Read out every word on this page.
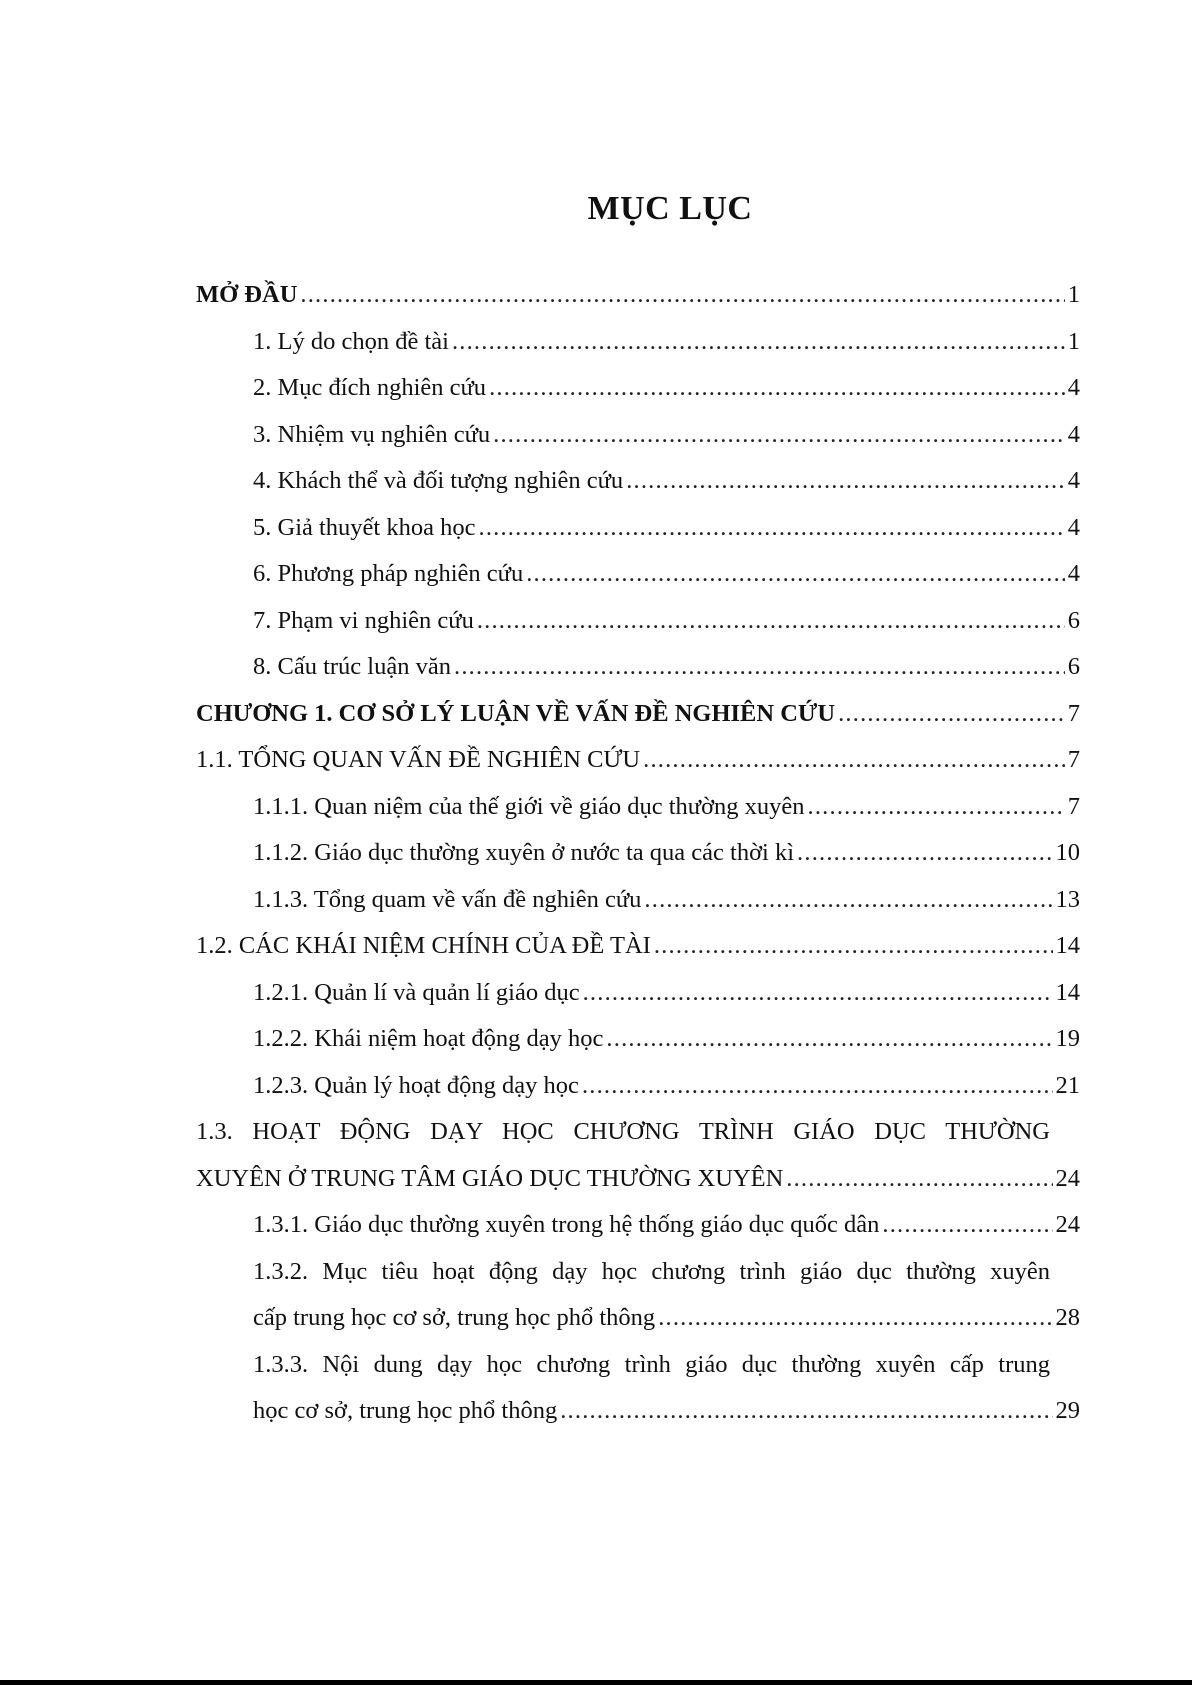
MỤC LỤC
MỞ ĐẦU .....	1
1. Lý do chọn đề tài .....	1
2. Mục đích nghiên cứu .....	4
3. Nhiệm vụ nghiên cứu .....	4
4. Khách thể và đối tượng nghiên cứu .....	4
5. Giả thuyết khoa học .....	4
6. Phương pháp nghiên cứu .....	4
7. Phạm vi nghiên cứu .....	6
8. Cấu trúc luận văn .....	6
CHƯƠNG 1. CƠ SỞ LÝ LUẬN VỀ VẤN ĐỀ NGHIÊN CỨU .....	7
1.1. TỔNG QUAN VẤN ĐỀ NGHIÊN CỨU .....	7
1.1.1. Quan niệm của thế giới về giáo dục thường xuyên .....	7
1.1.2. Giáo dục thường xuyên ở nước ta qua các thời kì .....	10
1.1.3. Tổng quam về vấn đề nghiên cứu .....	13
1.2. CÁC KHÁI NIỆM CHÍNH CỦA ĐỀ TÀI .....	14
1.2.1. Quản lí và quản lí giáo dục .....	14
1.2.2. Khái niệm hoạt động dạy học .....	19
1.2.3. Quản lý hoạt động dạy học .....	21
1.3. HOẠT ĐỘNG DẠY HỌC CHƯƠNG TRÌNH GIÁO DỤC THƯỜNG
XUYÊN Ở TRUNG TÂM GIÁO DỤC THƯỜNG XUYÊN .....	24
1.3.1. Giáo dục thường xuyên trong hệ thống giáo dục quốc dân .....	24
1.3.2. Mục tiêu hoạt động dạy học chương trình giáo dục thường xuyên
cấp trung học cơ sở, trung học phổ thông .....	28
1.3.3. Nội dung dạy học chương trình giáo dục thường xuyên cấp trung
học cơ sở, trung học phổ thông .....	29
